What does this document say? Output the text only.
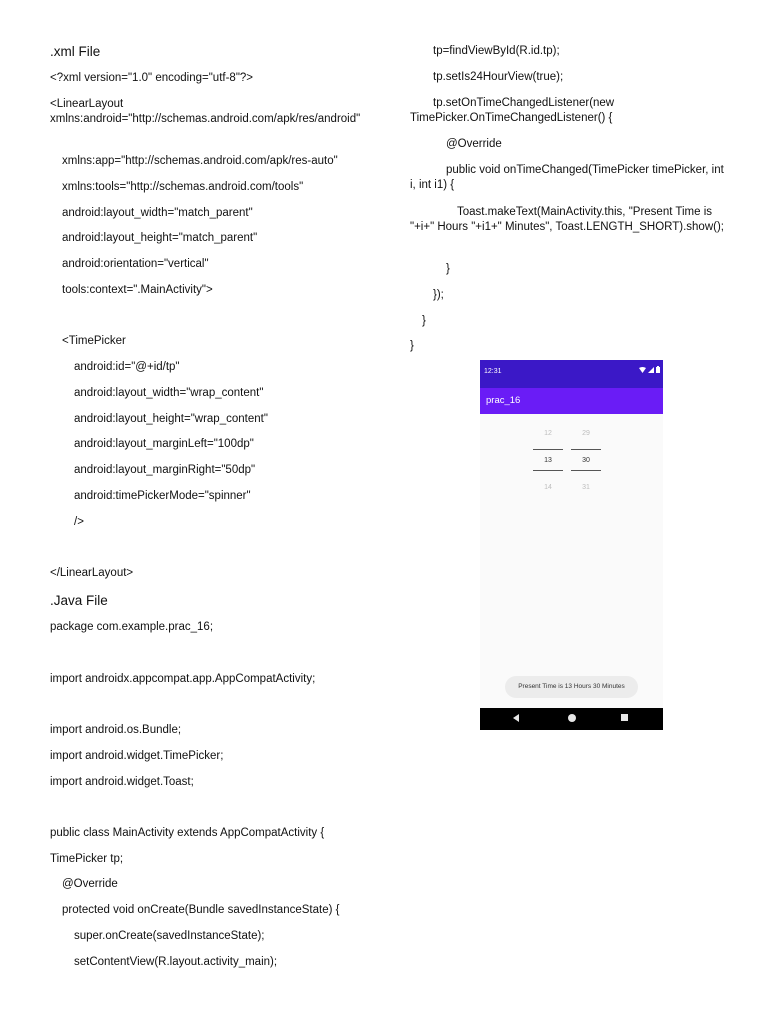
.xml File
<?xml version="1.0" encoding="utf-8"?>
<LinearLayout xmlns:android="http://schemas.android.com/apk/res/android"
xmlns:app="http://schemas.android.com/apk/res-auto"
xmlns:tools="http://schemas.android.com/tools"
android:layout_width="match_parent"
android:layout_height="match_parent"
android:orientation="vertical"
tools:context=".MainActivity">
<TimePicker
android:id="@+id/tp"
android:layout_width="wrap_content"
android:layout_height="wrap_content"
android:layout_marginLeft="100dp"
android:layout_marginRight="50dp"
android:timePickerMode="spinner"
/>
</LinearLayout>
.Java File
package com.example.prac_16;
import androidx.appcompat.app.AppCompatActivity;
import android.os.Bundle;
import android.widget.TimePicker;
import android.widget.Toast;
public class MainActivity extends AppCompatActivity {
TimePicker tp;
@Override
protected void onCreate(Bundle savedInstanceState) {
super.onCreate(savedInstanceState);
setContentView(R.layout.activity_main);
tp=findViewById(R.id.tp);
tp.setIs24HourView(true);
tp.setOnTimeChangedListener(new TimePicker.OnTimeChangedListener() {
@Override
public void onTimeChanged(TimePicker timePicker, int i, int i1) {
Toast.makeText(MainActivity.this, "Present Time is "+i+" Hours "+i1+" Minutes", Toast.LENGTH_SHORT).show();
}
});
}
}
12:31
prac_16
12
13
14
29
30
31
Present Time is 13 Hours 30 Minutes
